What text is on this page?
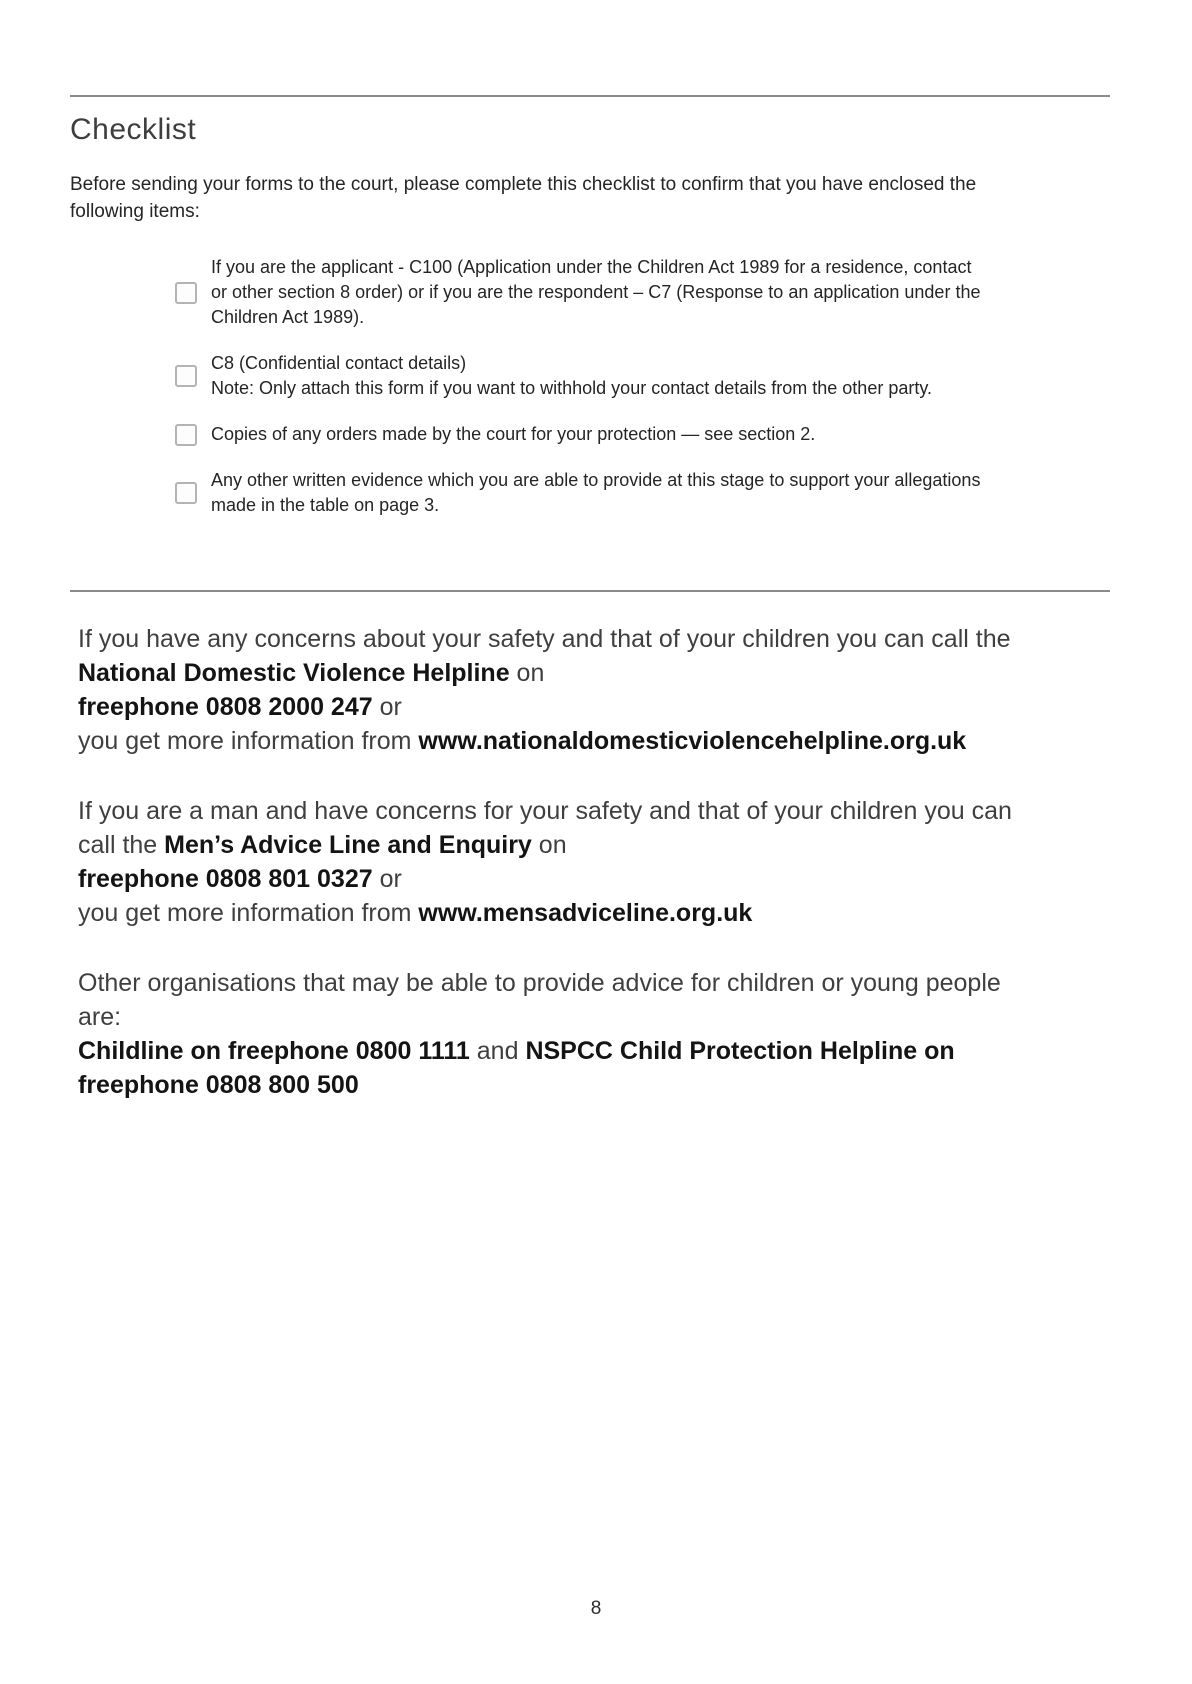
Checklist

Before sending your forms to the court, please complete this checklist to confirm that you have enclosed the
following items:

If you are the applicant - C100 (Application under the Children Act 1989 for a residence, contact
or other section 8 order) or if you are the respondent – C7 (Response to an application under the
Children Act 1989).
C8 (Confidential contact details)
Note: Only attach this form if you want to withhold your contact details from the other party.
Copies of any orders made by the court for your protection — see section 2.
Any other written evidence which you are able to provide at this stage to support your allegations
made in the table on page 3.

If you have any concerns about your safety and that of your children you can call the
National Domestic Violence Helpline on
freephone 0808 2000 247 or
you get more information from www.nationaldomesticviolencehelpline.org.uk

If you are a man and have concerns for your safety and that of your children you can
call the Men’s Advice Line and Enquiry on
freephone 0808 801 0327 or
you get more information from www.mensadviceline.org.uk

Other organisations that may be able to provide advice for children or young people
are:
Childline on freephone 0800 1111 and NSPCC Child Protection Helpline on
freephone 0808 800 500

8
